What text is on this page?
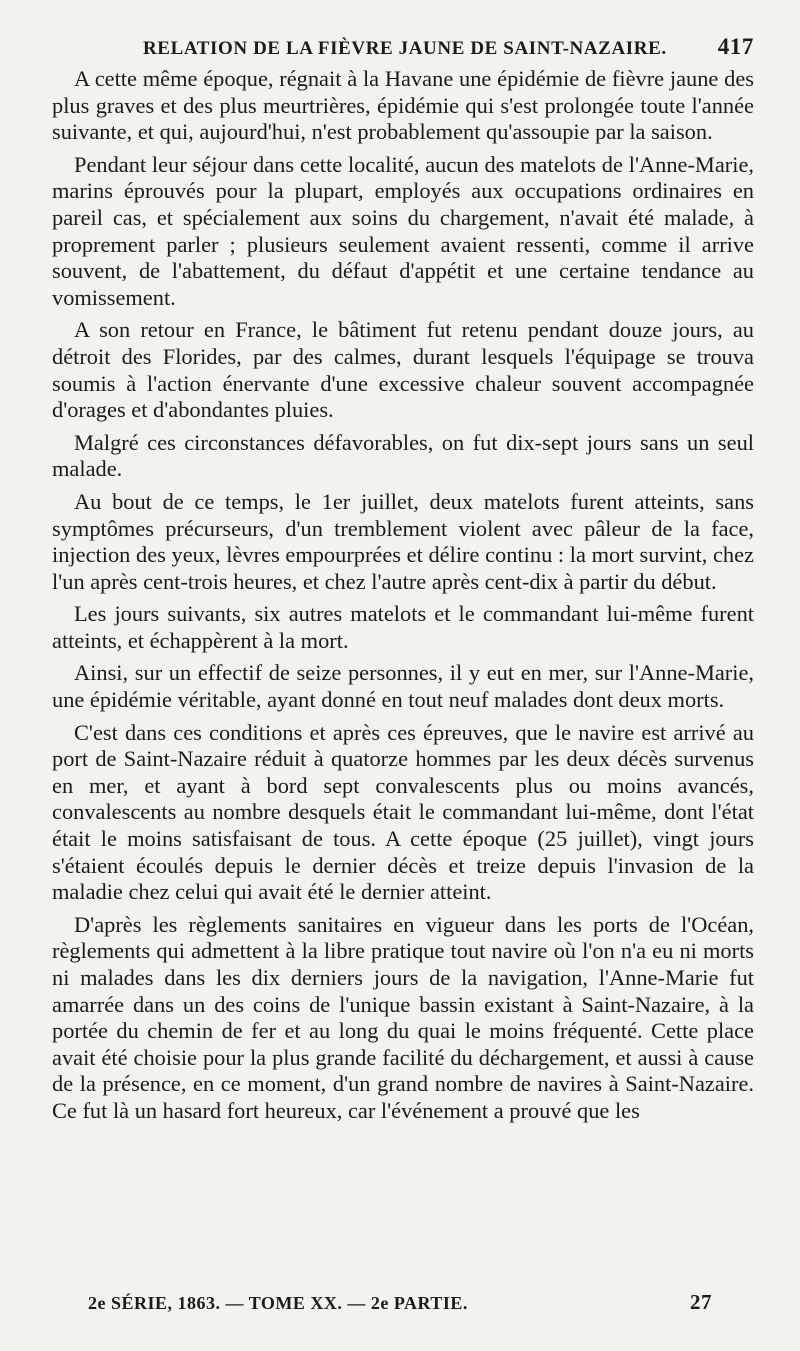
RELATION DE LA FIÈVRE JAUNE DE SAINT-NAZAIRE.	417

A cette même époque, régnait à la Havane une épidémie de fièvre jaune des plus graves et des plus meurtrières, épidémie qui s'est prolongée toute l'année suivante, et qui, aujourd'hui, n'est probablement qu'assoupie par la saison.

Pendant leur séjour dans cette localité, aucun des matelots de l'Anne-Marie, marins éprouvés pour la plupart, employés aux occupations ordinaires en pareil cas, et spécialement aux soins du chargement, n'avait été malade, à proprement parler ; plusieurs seulement avaient ressenti, comme il arrive souvent, de l'abattement, du défaut d'appétit et une certaine tendance au vomissement.

A son retour en France, le bâtiment fut retenu pendant douze jours, au détroit des Florides, par des calmes, durant lesquels l'équipage se trouva soumis à l'action énervante d'une excessive chaleur souvent accompagnée d'orages et d'abondantes pluies.

Malgré ces circonstances défavorables, on fut dix-sept jours sans un seul malade.

Au bout de ce temps, le 1er juillet, deux matelots furent atteints, sans symptômes précurseurs, d'un tremblement violent avec pâleur de la face, injection des yeux, lèvres empourprées et délire continu : la mort survint, chez l'un après cent-trois heures, et chez l'autre après cent-dix à partir du début.

Les jours suivants, six autres matelots et le commandant lui-même furent atteints, et échappèrent à la mort.

Ainsi, sur un effectif de seize personnes, il y eut en mer, sur l'Anne-Marie, une épidémie véritable, ayant donné en tout neuf malades dont deux morts.

C'est dans ces conditions et après ces épreuves, que le navire est arrivé au port de Saint-Nazaire réduit à quatorze hommes par les deux décès survenus en mer, et ayant à bord sept convalescents plus ou moins avancés, convalescents au nombre desquels était le commandant lui-même, dont l'état était le moins satisfaisant de tous. A cette époque (25 juillet), vingt jours s'étaient écoulés depuis le dernier décès et treize depuis l'invasion de la maladie chez celui qui avait été le dernier atteint.

D'après les règlements sanitaires en vigueur dans les ports de l'Océan, règlements qui admettent à la libre pratique tout navire où l'on n'a eu ni morts ni malades dans les dix derniers jours de la navigation, l'Anne-Marie fut amarrée dans un des coins de l'unique bassin existant à Saint-Nazaire, à la portée du chemin de fer et au long du quai le moins fréquenté. Cette place avait été choisie pour la plus grande facilité du déchargement, et aussi à cause de la présence, en ce moment, d'un grand nombre de navires à Saint-Nazaire. Ce fut là un hasard fort heureux, car l'événement a prouvé que les

2e SÉRIE, 1863. — TOME XX. — 2e PARTIE.	27
